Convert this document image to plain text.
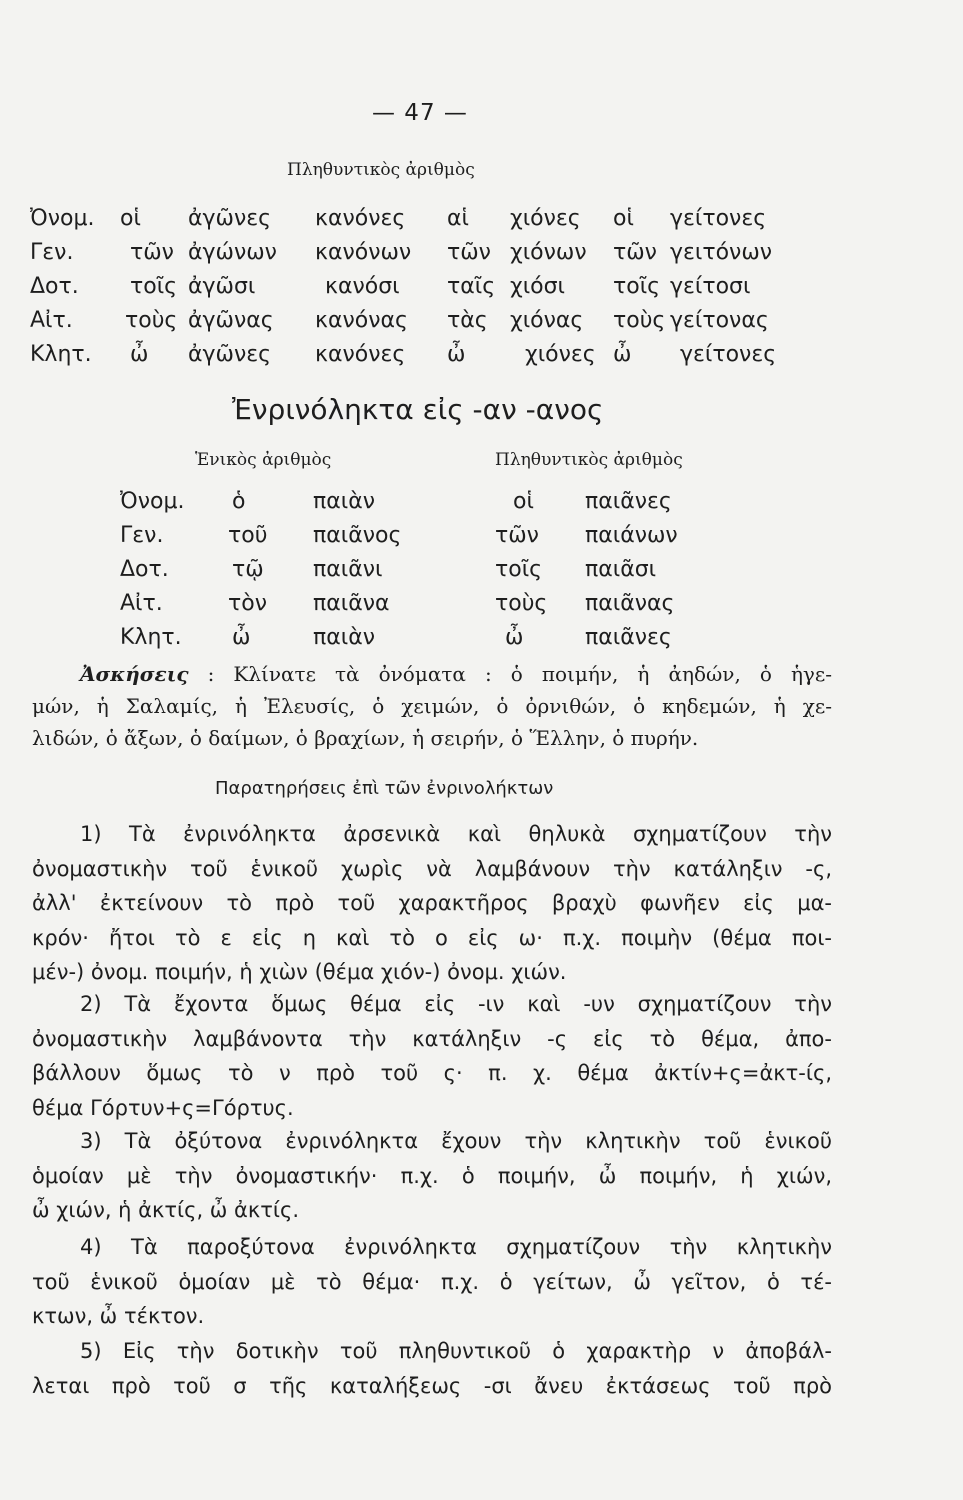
— 47 —
Πληθυντικὸς ἀριθμὸς
Ὀνομ. οἱ ἀγῶνες κανόνες αἱ χιόνες οἱ γείτονες
Γεν.	τῶν ἀγώνων κανόνων τῶν χιόνων τῶν γειτόνων
Δοτ. τοῖς ἀγῶσι	κανόσι ταῖς χιόσι τοῖς γείτοσι
Αἰτ. τοὺς ἀγῶνας κανόνας τὰς χιόνας τοὺς γείτονας
Κλητ. ὦ ἀγῶνες κανόνες ὦ	χιόνες ὦ γείτονες
Ἐνρινόληκτα εἰς -αν -ανος
Ἑνικὸς ἀριθμὸς	Πληθυντικὸς ἀριθμὸς
Ὀνομ. ὁ	παιὰν	οἱ παιᾶνες
Γεν.	τοῦ παιᾶνος	τῶν παιάνων
Δοτ.	τῷ παιᾶνι	τοῖς παιᾶσι
Αἰτ.	τὸν παιᾶνα	τοὺς παιᾶνας
Κλητ. ὦ	παιὰν	ὦ	παιᾶνες
Ἀσκήσεις : Κλίνατε τὰ ὀνόματα : ὁ ποιμήν, ἡ ἀηδών, ὁ ἡγε-
μών, ἡ Σαλαμίς, ἡ Ἐλευσίς, ὁ χειμών, ὁ ὀρνιθών, ὁ κηδεμών, ἡ χε-
λιδών, ὁ ἄξων, ὁ δαίμων, ὁ βραχίων, ἡ σειρήν, ὁ Ἕλλην, ὁ πυρήν.
Παρατηρήσεις ἐπὶ τῶν ἐνρινολήκτων
1) Τὰ ἐνρινόληκτα ἀρσενικὰ καὶ θηλυκὰ σχηματίζουν τὴν
ὀνομαστικὴν τοῦ ἑνικοῦ χωρὶς νὰ λαμβάνουν τὴν κατάληξιν -ς,
ἀλλ' ἐκτείνουν τὸ πρὸ τοῦ χαρακτῆρος βραχὺ φωνῆεν εἰς μα-
κρόν· ἤτοι τὸ ε εἰς η καὶ τὸ ο εἰς ω· π.χ. ποιμὴν (θέμα ποι-
μέν-) ὀνομ. ποιμήν, ἡ χιὼν (θέμα χιόν-) ὀνομ. χιών.
2) Τὰ ἔχοντα ὅμως θέμα εἰς -ιν καὶ -υν σχηματίζουν τὴν
ὀνομαστικὴν λαμβάνοντα τὴν κατάληξιν -ς εἰς τὸ θέμα, ἀπο-
βάλλουν ὅμως τὸ ν πρὸ τοῦ ς· π. χ. θέμα ἀκτίν+ς=ἀκτ-ίς,
θέμα Γόρτυν+ς=Γόρτυς.
3) Τὰ ὀξύτονα ἐνρινόληκτα ἔχουν τὴν κλητικὴν τοῦ ἑνικοῦ
ὁμοίαν μὲ τὴν ὀνομαστικήν· π.χ. ὁ ποιμήν, ὦ ποιμήν, ἡ χιών,
ὦ χιών, ἡ ἀκτίς, ὦ ἀκτίς.
4) Τὰ παροξύτονα ἐνρινόληκτα σχηματίζουν τὴν κλητικὴν
τοῦ ἑνικοῦ ὁμοίαν μὲ τὸ θέμα· π.χ. ὁ γείτων, ὦ γεῖτον, ὁ τέ-
κτων, ὦ τέκτον.
5) Εἰς τὴν δοτικὴν τοῦ πληθυντικοῦ ὁ χαρακτὴρ ν ἀποβάλ-
λεται πρὸ τοῦ σ τῆς καταλήξεως -σι ἄνευ ἐκτάσεως τοῦ πρὸ
